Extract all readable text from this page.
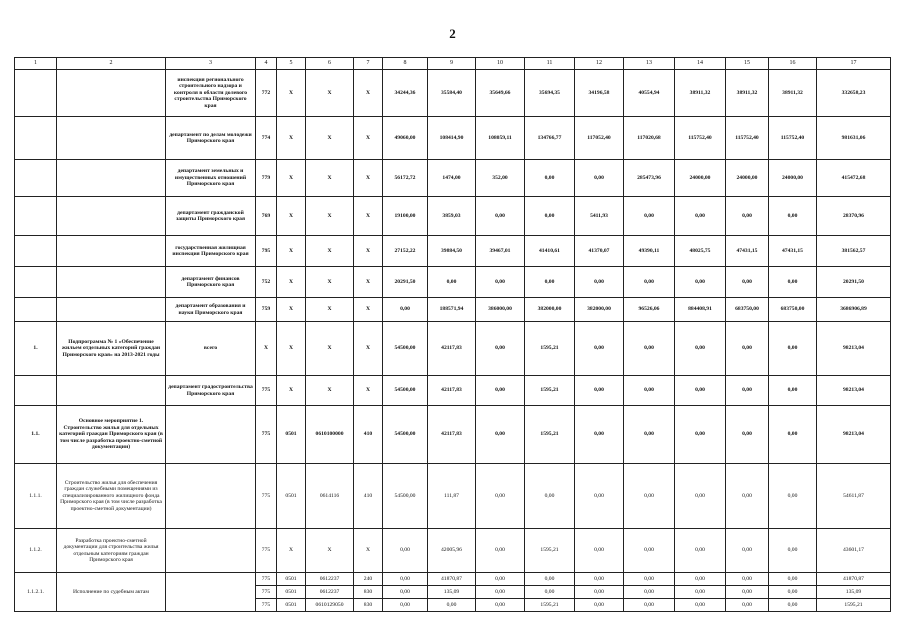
2
1	2	3	4	5	6	7	8	9	10	11	12	13	14	15	16	17
		инспекция регионального строительного надзора и контроля в области долевого строительства Приморского края	772	X	X	X	34244,36	35584,40	35649,66	35694,35	34196,58	40554,94	38911,32	38911,32	38911,32	332658,23
		департамент по делам молодежи Приморского края	774	X	X	X	49060,00	108414,90	108059,11	134766,77	117052,40	117020,68	115752,40	115752,40	115752,40	981631,06
		департамент земельных и имущественных отношений Приморского края	779	X	X	X	56172,72	1474,00	352,00	0,00	0,00	285473,96	24000,00	24000,00	24000,00	415472,68
		департамент гражданской защиты Приморского края	769	X	X	X	19100,00	3859,03	0,00	0,00	5411,93	0,00	0,00	0,00	0,00	28370,96
		государственная жилищная инспекция Приморского края	795	X	X	X	27152,22	39884,50	39467,01	41410,61	41370,07	49390,11	48025,75	47431,15	47431,15	381562,57
		департамент финансов Приморского края	752	X	X	X	20291,50	0,00	0,00	0,00	0,00	0,00	0,00	0,00	0,00	20291,50
		департамент образования и науки Приморского края	759	X	X	X	0,00	188571,94	386000,00	382000,00	382000,00	96526,06	884408,91	683750,00	683750,00	3686906,89
1.	Подпрограмма № 1 «Обеспечение жильем отдельных категорий граждан Приморского края» на 2013-2021 годы	всего	X	X	X	X	54500,00	42117,83	0,00	1595,21	0,00	0,00	0,00	0,00	0,00	98213,04
		департамент градостроительства Приморского края	775	X	X	X	54500,00	42117,83	0,00	1595,21	0,00	0,00	0,00	0,00	0,00	98213,04
1.1.	Основное мероприятие 1. Строительство жилья для отдельных категорий граждан Приморского края (в том числе разработка проектно-сметной документации)		775	0501	0610100000	410	54500,00	42117,83	0,00	1595,21	0,00	0,00	0,00	0,00	0,00	98213,04
1.1.1.	Строительство жилья для обеспечения граждан служебными помещениями из специализированного жилищного фонда Приморского края (в том числе разработка проектно-сметной документации)		775	0501	0614116	410	54500,00	111,87	0,00	0,00	0,00	0,00	0,00	0,00	0,00	54611,87
1.1.2.	Разработка проектно-сметной документации для строительства жилья отдельным категориям граждан Приморского края		775	X	X	X	0,00	42005,96	0,00	1595,21	0,00	0,00	0,00	0,00	0,00	43601,17
1.1.2.1.	Исполнение по судебным актам		775	0501	0612237	240	0,00	41870,87	0,00	0,00	0,00	0,00	0,00	0,00	0,00	41870,87
			775	0501	0612237	830	0,00	135,09	0,00	0,00	0,00	0,00	0,00	0,00	0,00	135,09
			775	0501	0610129050	830	0,00	0,00	0,00	1595,21	0,00	0,00	0,00	0,00	0,00	1595,21
